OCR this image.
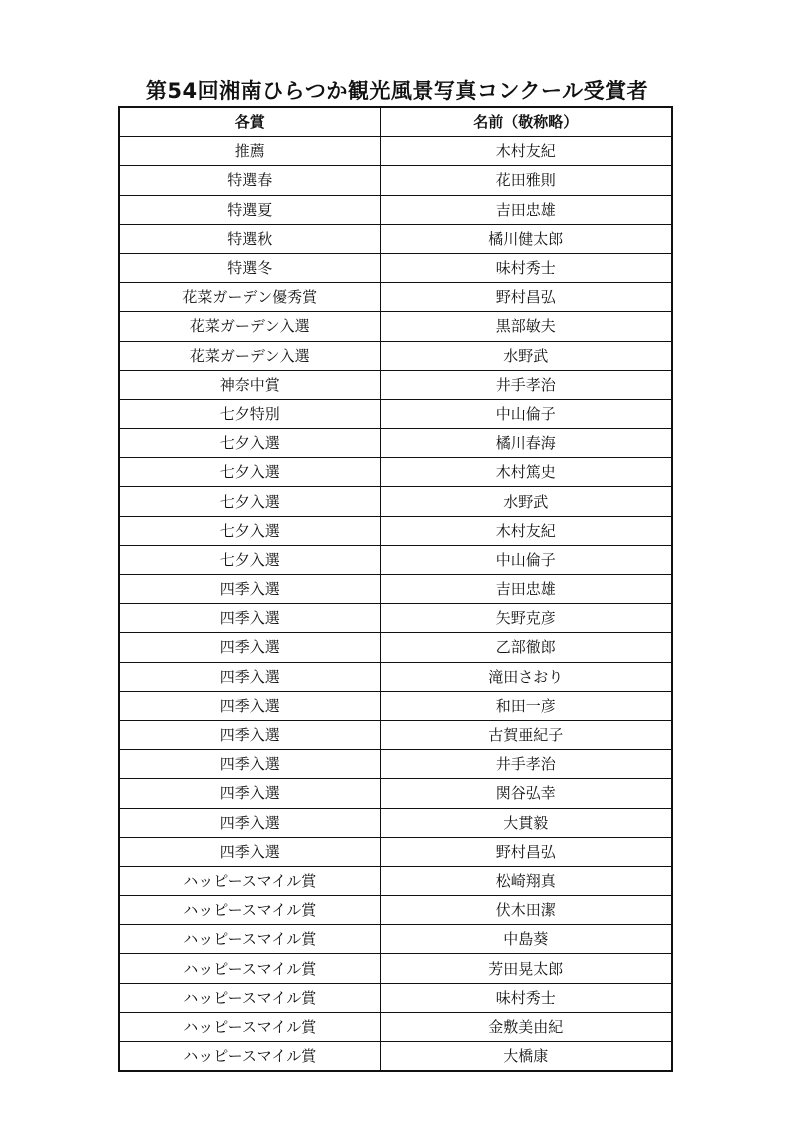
第54回湘南ひらつか観光風景写真コンクール受賞者
各賞	名前（敬称略）
推薦	木村友紀
特選春	花田雅則
特選夏	吉田忠雄
特選秋	橘川健太郎
特選冬	味村秀士
花菜ガーデン優秀賞	野村昌弘
花菜ガーデン入選	黒部敏夫
花菜ガーデン入選	水野武
神奈中賞	井手孝治
七夕特別	中山倫子
七夕入選	橘川春海
七夕入選	木村篤史
七夕入選	水野武
七夕入選	木村友紀
七夕入選	中山倫子
四季入選	吉田忠雄
四季入選	矢野克彦
四季入選	乙部徹郎
四季入選	滝田さおり
四季入選	和田一彦
四季入選	古賀亜紀子
四季入選	井手孝治
四季入選	関谷弘幸
四季入選	大貫毅
四季入選	野村昌弘
ハッピースマイル賞	松崎翔真
ハッピースマイル賞	伏木田潔
ハッピースマイル賞	中島葵
ハッピースマイル賞	芳田晃太郎
ハッピースマイル賞	味村秀士
ハッピースマイル賞	金敷美由紀
ハッピースマイル賞	大橋康
